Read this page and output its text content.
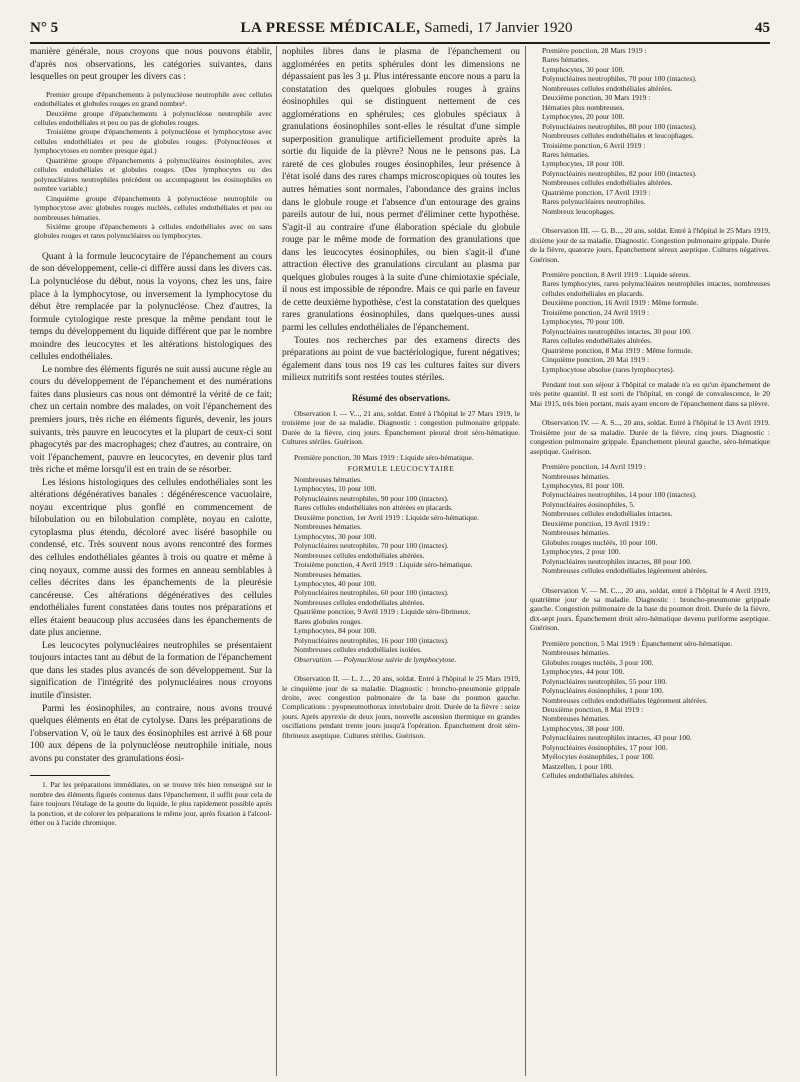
N° 5	LA PRESSE MÉDICALE, Samedi, 17 Janvier 1920	45

manière générale, nous croyons que nous pouvons établir, d'après nos observations, les catégories suivantes, dans lesquelles on peut grouper les divers cas :

Premier groupe d'épanchements à polynucléose neutrophile avec cellules endothéliales et globules rouges en grand nombre¹.

Deuxième groupe d'épanchements à polynucléose neutrophile avec cellules endothéliales et peu ou pas de globules rouges.

Troisième groupe d'épanchements à polynucléose et lymphocytose avec cellules endothéliales et peu de globules rouges. (Polynucléoses et lymphocytoses en nombre presque égal.)

Quatrième groupe d'épanchements à polynucléaires éosinophiles, avec cellules endothéliales et globules rouges. (Des lymphocytes ou des polynucléaires neutrophiles précèdent ou accompagnent les éosinophiles en nombre variable.)

Cinquième groupe d'épanchements à polynucléose neutrophile ou lymphocytose avec globules rouges nucléés, cellules endothéliales et peu ou nombreuses hématies.

Sixième groupe d'épanchements à cellules endothéliales avec ou sans globules rouges et rares polynucléaires ou lymphocytes.

Quant à la formule leucocytaire de l'épanchement au cours de son développement, celle-ci diffère aussi dans les divers cas. La polynucléose du début, nous la voyons, chez les uns, faire place à la lymphocytose, ou inversement la lymphocytose du début être remplacée par la polynucléose. Chez d'autres, la formule cytologique reste presque la même pendant tout le temps du développement du liquide différent que par le nombre moindre des leucocytes et les altérations histologiques des cellules endothéliales.

Le nombre des éléments figurés ne suit aussi aucune règle au cours du développement de l'épanchement et des numérations faites dans plusieurs cas nous ont démontré la vérité de ce fait; chez un certain nombre des malades, on voit l'épanchement des premiers jours, très riche en éléments figurés, devenir, les jours suivants, très pauvre en leucocytes et la plupart de ceux-ci sont phagocytés par des macrophages; chez d'autres, au contraire, on voit l'épanchement, pauvre en leucocytes, en devenir plus tard très riche et même lorsqu'il est en train de se résorber.

Les lésions histologiques des cellules endothéliales sont les altérations dégénératives banales : dégénérescence vacuolaire, noyau excentrique plus gonflé en commencement de bilobulation ou en bilobulation complète, noyau en calotte, cytoplasma plus étendu, décoloré avec liséré basophile ou condensé, etc. Très souvent nous avons rencontré des formes des cellules endothéliales géantes à trois ou quatre et même à cinq noyaux, comme aussi des formes en anneau semblables à celles décrites dans les épanchements de la pleurésie cancéreuse. Ces altérations dégénératives des cellules endothéliales furent constatées dans toutes nos préparations et elles étaient beaucoup plus accusées dans les épanchements de date plus ancienne.

Les leucocytes polynucléaires neutrophiles se présentaient toujours intactes tant au début de la formation de l'épanchement que dans les stades plus avancés de son développement. Sur la signification de l'intégrité des polynucléaires nous croyons inutile d'insister.

Parmi les éosinophiles, au contraire, nous avons trouvé quelques éléments en état de cytolyse. Dans les préparations de l'observation V, où le taux des éosinophiles est arrivé à 68 pour 100 aux dépens de la polynucléose neutrophile initiale, nous avons pu constater des granulations éosi-

1. Par les préparations immédiates, on se trouve très bien renseigné sur le nombre des éléments figurés contenus dans l'épanchement, il suffit pour cela de faire toujours l'étalage de la goutte du liquide, le plus rapidement possible après la ponction, et de colorer les préparations le même jour, après fixation à l'alcool-éther ou à l'acide chromique.

nophiles libres dans le plasma de l'épanchement ou agglomérées en petits sphérules dont les dimensions ne dépassaient pas les 3 µ. Plus intéressante encore nous a paru la constatation des quelques globules rouges à grains éosinophiles qui se distinguent nettement de ces agglomérations en sphérules; ces globules spéciaux à granulations éosinophiles sont-elles le résultat d'une simple superposition granulique artificiellement produite après la sortie du liquide de la plèvre? Nous ne le pensons pas. La rareté de ces globules rouges éosinophiles, leur présence à l'état isolé dans des rares champs microscopiques où toutes les autres hématies sont normales, l'abondance des grains inclus dans le globule rouge et l'absence d'un entourage des grains pareils autour de lui, nous permet d'éliminer cette hypothèse. S'agit-il au contraire d'une élaboration spéciale du globule rouge par le même mode de formation des granulations que dans les leucocytes éosinophiles, ou bien s'agit-il d'une attraction élective des granulations circulant au plasma par quelques globules rouges à la suite d'une chimiotaxie spéciale, il nous est impossible de répondre. Mais ce qui parle en faveur de cette deuxième hypothèse, c'est la constatation des quelques rares granulations éosinophiles, dans quelques-unes aussi parmi les cellules endothéliales de l'épanchement.

Toutes nos recherches par des examens directs des préparations au point de vue bactériologique, furent négatives; également dans tous nos 19 cas les cultures faites sur divers milieux nutritifs sont restées toutes stériles.

Résumé des observations.

Observation I. — V..., 21 ans, soldat. Entré à l'hôpital le 27 Mars 1919, le troisième jour de sa maladie. Diagnostic : congestion pulmonaire grippale. Durée de la fièvre, cinq jours. Épanchement pleural droit séro-hématique. Cultures stériles. Guérison.

Première ponction, 30 Mars 1919 : Liquide séro-hématique.

FORMULE LEUCOCYTAIRE

Nombreuses hématies.

Lymphocytes, 10 pour 100.

Polynucléaires neutrophiles, 90 pour 100 (intactes).

Rares cellules endothéliales non altérées en placards.

Deuxième ponction, 1er Avril 1919 : Liquide séro-hématique.

Nombreuses hématies.

Lymphocytes, 30 pour 100.

Polynucléaires neutrophiles, 70 pour 100 (intactes).

Nombreuses cellules endothéliales altérées.

Troisième ponction, 4 Avril 1919 : Liquide séro-hématique.

Nombreuses hématies.

Lymphocytes, 40 pour 100.

Polynucléaires neutrophiles, 60 pour 100 (intactes).

Nombreuses cellules endothéliales altérées.

Quatrième ponction, 9 Avril 1919 : Liquide séro-fibrineux.

Rares globules rouges.

Lymphocytes, 84 pour 100.

Polynucléaires neutrophiles, 16 pour 100 (intactes).

Nombreuses cellules endothéliales isolées.

Observation. — Polynucléose suivie de lymphocytose.

Observation II. — L. J..., 20 ans, soldat. Entré à l'hôpital le 25 Mars 1919, le cinquième jour de sa maladie. Diagnostic : broncho-pneumonie grippale droite, avec congestion pulmonaire de la base du poumon gauche. Complications : pyopneumothorax interlobaire droit. Durée de la fièvre : seize jours. Après apyrexie de deux jours, nouvelle ascension thermique en grandes oscillations pendant trente jours jusqu'à l'opération. Épanchement droit séro-fibrineux aseptique. Cultures stériles. Guérison.

Première ponction, 28 Mars 1919 :

Rares hématies.

Lymphocytes, 30 pour 100.

Polynucléaires neutrophiles, 70 pour 100 (intactes).

Nombreuses cellules endothéliales altérées.

Deuxième ponction, 30 Mars 1919 :

Hématies plus nombreuses.

Lymphocytes, 20 pour 100.

Polynucléaires neutrophiles, 80 pour 100 (intactes).

Nombreuses cellules endothéliales et leucophages.

Troisième ponction, 6 Avril 1919 :

Rares hématies.

Lymphocytes, 18 pour 100.

Polynucléaires neutrophiles, 82 pour 100 (intactes).

Nombreuses cellules endothéliales altérées.

Quatrième ponction, 17 Avril 1919 :

Rares polynucléaires neutrophiles.

Nombreux leucophages.

Observation III. — G. B..., 20 ans, soldat. Entré à l'hôpital le 25 Mars 1919, dixième jour de sa maladie. Diagnostic. Congestion pulmonaire grippale. Durée de la fièvre, quatorze jours. Épanchement séreux aseptique. Cultures négatives. Guérison.

Première ponction, 8 Avril 1919 : Liquide séreux.

Rares lymphocytes, rares polynucléaires neutrophiles intactes, nombreuses cellules endothéliales en placards.

Deuxième ponction, 16 Avril 1919 : Même formule.

Troisième ponction, 24 Avril 1919 :

Lymphocytes, 70 pour 100.

Polynucléaires neutrophiles intactes, 30 pour 100.

Rares cellules endothéliales altérées.

Quatrième ponction, 8 Mai 1919 : Même formule.

Cinquième ponction, 20 Mai 1919 :

Lymphocytose absolue (rares lymphocytes).

Pendant tout son séjour à l'hôpital ce malade n'a eu qu'un épanchement de très petite quantité. Il est sorti de l'hôpital, en congé de convalescence, le 20 Mai 1915, très bien portant, mais ayant encore de l'épanchement dans sa plèvre.

Observation IV. — A. S..., 20 ans, soldat. Entré à l'hôpital le 13 Avril 1919. Troisième jour de sa maladie. Durée de la fièvre, cinq jours. Diagnostic : congestion pulmonaire grippale. Épanchement pleural gauche, séro-hématique aseptique. Guérison.

Première ponction, 14 Avril 1919 :

Nombreuses hématies.

Lymphocytes, 81 pour 100.

Polynucléaires neutrophiles, 14 pour 100 (intactes).

Polynucléaires éosinophiles, 5.

Nombreuses cellules endothéliales intactes.

Deuxième ponction, 19 Avril 1919 :

Nombreuses hématies.

Globules rouges nucléés, 10 pour 100.

Lymphocytes, 2 pour 100.

Polynucléaires neutrophiles intactes, 88 pour 100.

Nombreuses cellules endothéliales légèrement altérées.

Observation V. — M. C..., 20 ans, soldat, entré à l'hôpital le 4 Avril 1919, quatrième jour de sa maladie. Diagnostic : broncho-pneumonie grippale gauche. Congestion pulmonaire de la base du poumon droit. Durée de la fièvre, dix-sept jours. Épanchement droit séro-hématique devenu puriforme aseptique. Guérison.

Première ponction, 5 Mai 1919 : Épanchement séro-hématique.

Nombreuses hématies.

Globules rouges nucléés, 3 pour 100.

Lymphocytes, 44 pour 100.

Polynucléaires neutrophiles, 55 pour 100.

Polynucléaires éosinophiles, 1 pour 100.

Nombreuses cellules endothéliales légèrement altérées.

Deuxième ponction, 8 Mai 1919 :

Nombreuses hématies.

Lymphocytes, 38 pour 100.

Polynucléaires neutrophiles intactes, 43 pour 100.

Polynucléaires éosinophiles, 17 pour 100.

Myélocytes éosinophiles, 1 pour 100.

Mastzellen, 1 pour 100.

Cellules endothéliales altérées.
